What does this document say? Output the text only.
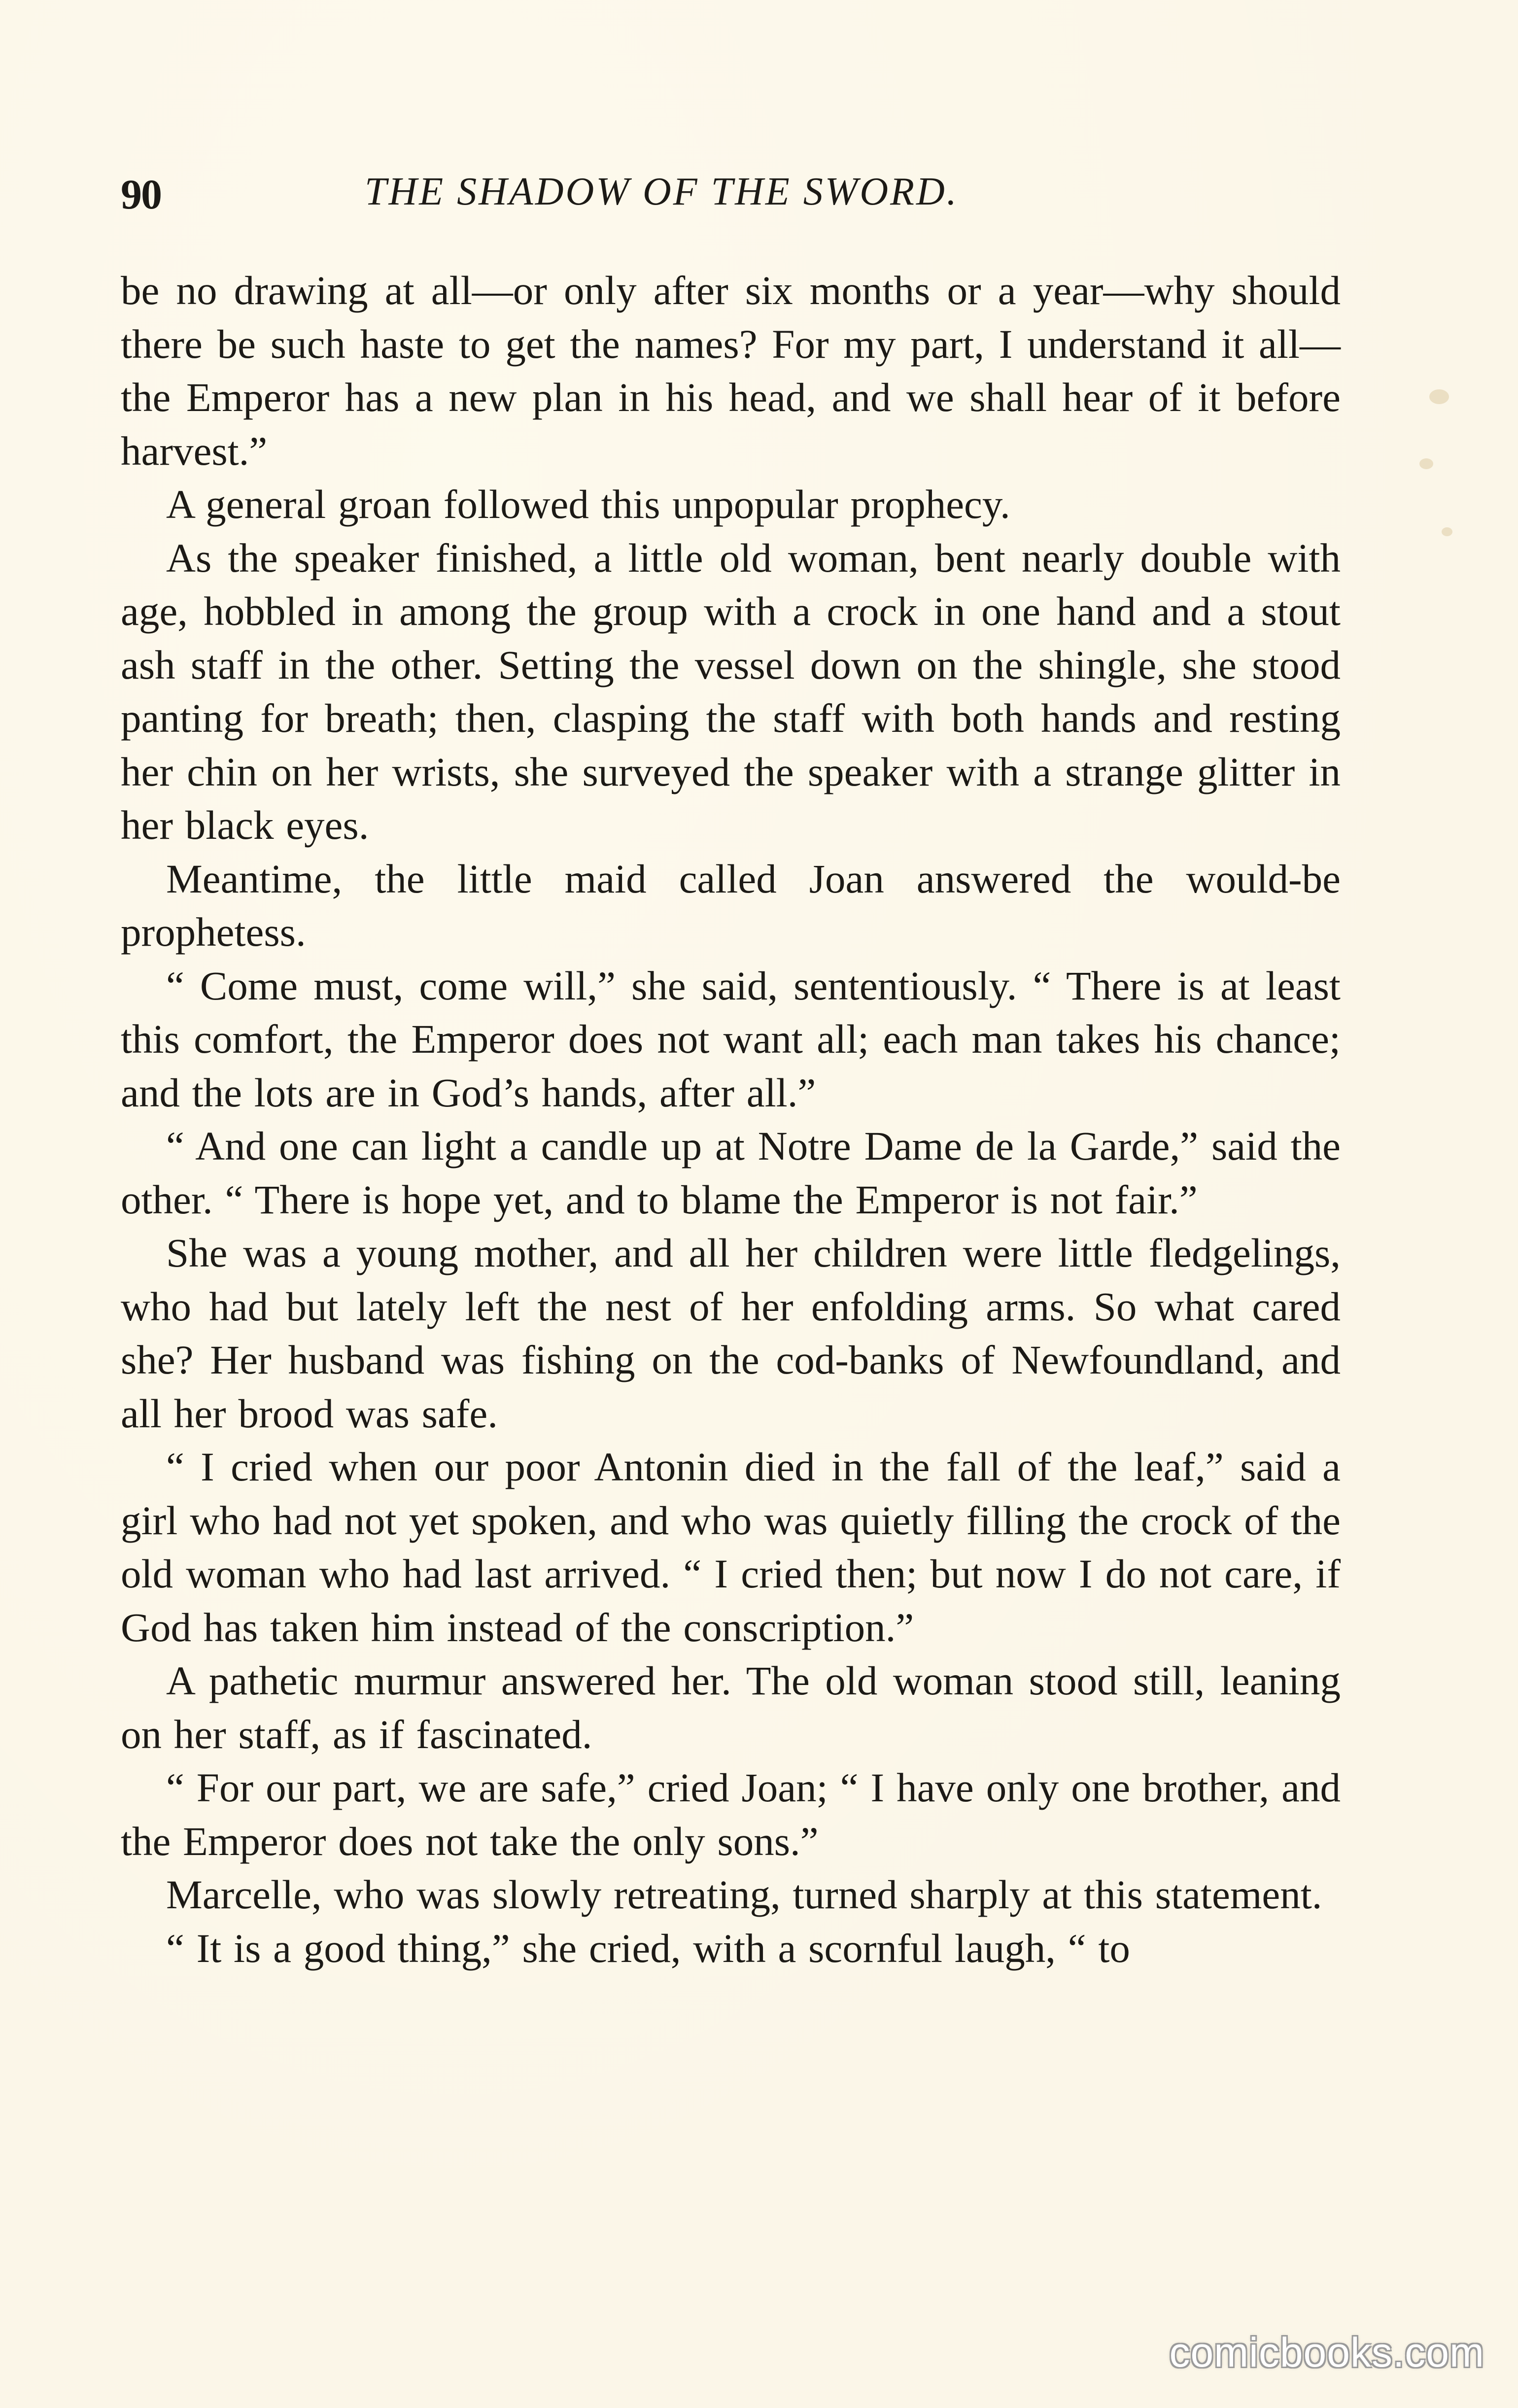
90	THE SHADOW OF THE SWORD.

be no drawing at all—or only after six months or a year—why should there be such haste to get the names? For my part, I understand it all—the Emperor has a new plan in his head, and we shall hear of it before harvest.”

A general groan followed this unpopular prophecy.

As the speaker finished, a little old woman, bent nearly double with age, hobbled in among the group with a crock in one hand and a stout ash staff in the other. Setting the vessel down on the shingle, she stood panting for breath; then, clasping the staff with both hands and resting her chin on her wrists, she surveyed the speaker with a strange glitter in her black eyes.

Meantime, the little maid called Joan answered the would-be prophetess.

“ Come must, come will,” she said, sententiously. “ There is at least this comfort, the Emperor does not want all; each man takes his chance; and the lots are in God’s hands, after all.”

“ And one can light a candle up at Notre Dame de la Garde,” said the other. “ There is hope yet, and to blame the Emperor is not fair.”

She was a young mother, and all her children were little fledgelings, who had but lately left the nest of her enfolding arms. So what cared she? Her husband was fishing on the cod-banks of Newfoundland, and all her brood was safe.

“ I cried when our poor Antonin died in the fall of the leaf,” said a girl who had not yet spoken, and who was quietly filling the crock of the old woman who had last arrived. “ I cried then; but now I do not care, if God has taken him instead of the conscription.”

A pathetic murmur answered her. The old woman stood still, leaning on her staff, as if fascinated.

“ For our part, we are safe,” cried Joan; “ I have only one brother, and the Emperor does not take the only sons.”

Marcelle, who was slowly retreating, turned sharply at this statement.

“ It is a good thing,” she cried, with a scornful laugh, “ to

comicbooks.com
